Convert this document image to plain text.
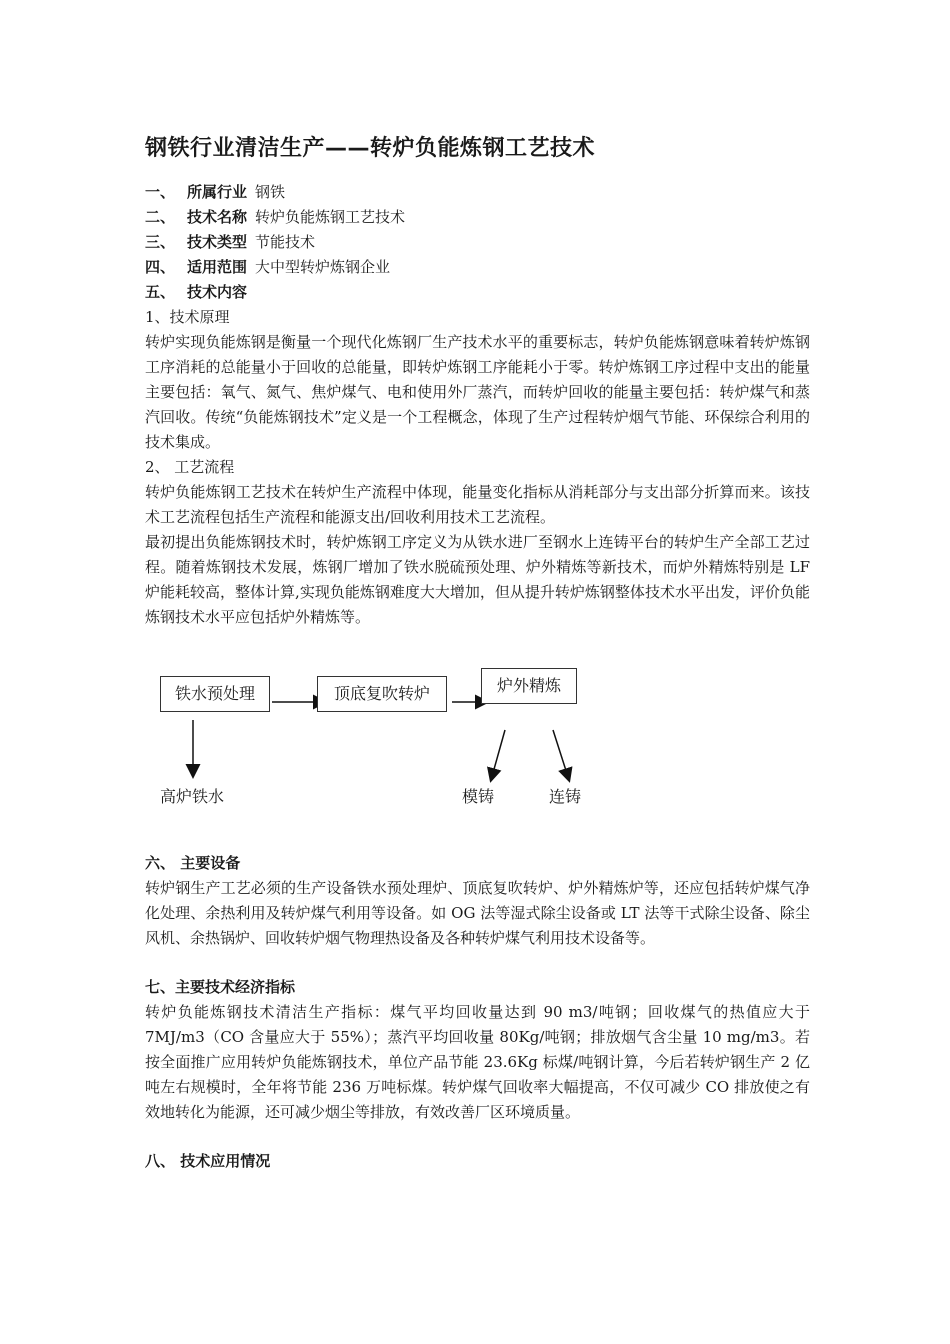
钢铁行业清洁生产——转炉负能炼钢工艺技术
一、 所属行业 钢铁
二、 技术名称 转炉负能炼钢工艺技术
三、 技术类型 节能技术
四、 适用范围 大中型转炉炼钢企业
五、 技术内容
1、技术原理

转炉实现负能炼钢是衡量一个现代化炼钢厂生产技术水平的重要标志，转炉负能炼钢意味着转炉炼钢工序消耗的总能量小于回收的总能量，即转炉炼钢工序能耗小于零。转炉炼钢工序过程中支出的能量主要包括：氧气、氮气、焦炉煤气、电和使用外厂蒸汽，而转炉回收的能量主要包括：转炉煤气和蒸汽回收。传统“负能炼钢技术”定义是一个工程概念，体现了生产过程转炉烟气节能、环保综合利用的技术集成。

2、 工艺流程

转炉负能炼钢工艺技术在转炉生产流程中体现，能量变化指标从消耗部分与支出部分折算而来。该技术工艺流程包括生产流程和能源支出/回收利用技术工艺流程。

最初提出负能炼钢技术时，转炉炼钢工序定义为从铁水进厂至钢水上连铸平台的转炉生产全部工艺过程。随着炼钢技术发展，炼钢厂增加了铁水脱硫预处理、炉外精炼等新技术，而炉外精炼特别是 LF 炉能耗较高，整体计算,实现负能炼钢难度大大增加，但从提升转炉炼钢整体技术水平出发，评价负能炼钢技术水平应包括炉外精炼等。

铁水预处理	顶底复吹转炉	炉外精炼
高炉铁水	模铸	连铸
六、 主要设备

转炉钢生产工艺必须的生产设备铁水预处理炉、顶底复吹转炉、炉外精炼炉等，还应包括转炉煤气净化处理、余热利用及转炉煤气利用等设备。如 OG 法等湿式除尘设备或 LT 法等干式除尘设备、除尘风机、余热锅炉、回收转炉烟气物理热设备及各种转炉煤气利用技术设备等。

七、主要技术经济指标

转炉负能炼钢技术清洁生产指标：煤气平均回收量达到 90 m3/吨钢；回收煤气的热值应大于 7MJ/m3（CO 含量应大于 55%）；蒸汽平均回收量 80Kg/吨钢；排放烟气含尘量 10 mg/m3。若按全面推广应用转炉负能炼钢技术，单位产品节能 23.6Kg 标煤/吨钢计算，今后若转炉钢生产 2 亿吨左右规模时，全年将节能 236 万吨标煤。转炉煤气回收率大幅提高，不仅可减少 CO 排放使之有效地转化为能源，还可减少烟尘等排放，有效改善厂区环境质量。

八、 技术应用情况
